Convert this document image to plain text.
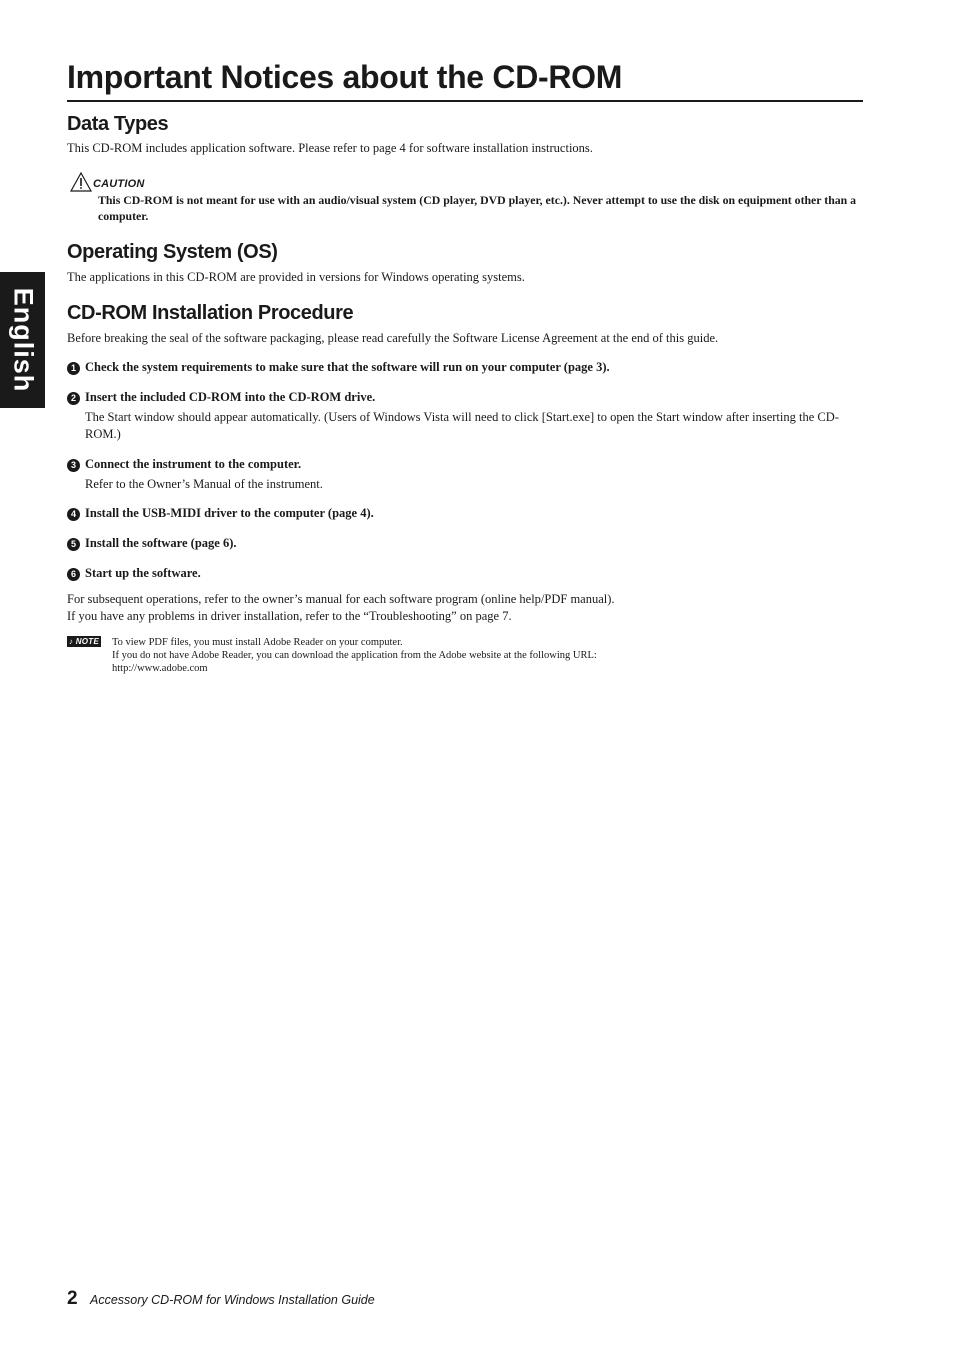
English
Important Notices about the CD-ROM
Data Types

This CD-ROM includes application software. Please refer to page 4 for software installation instructions.

CAUTION

This CD-ROM is not meant for use with an audio/visual system (CD player, DVD player, etc.). Never attempt to use the disk on equipment other than a computer.

Operating System (OS)

The applications in this CD-ROM are provided in versions for Windows operating systems.

CD-ROM Installation Procedure

Before breaking the seal of the software packaging, please read carefully the Software License Agreement at the end of this guide.

1 Check the system requirements to make sure that the software will run on your computer (page 3).

2 Insert the included CD-ROM into the CD-ROM drive.

The Start window should appear automatically. (Users of Windows Vista will need to click [Start.exe] to open the Start window after inserting the CD-ROM.)

3 Connect the instrument to the computer.

Refer to the Owner’s Manual of the instrument.

4 Install the USB-MIDI driver to the computer (page 4).

5 Install the software (page 6).

6 Start up the software.

For subsequent operations, refer to the owner’s manual for each software program (online help/PDF manual).

If you have any problems in driver installation, refer to the “Troubleshooting” on page 7.

♪ NOTE To view PDF files, you must install Adobe Reader on your computer.
If you do not have Adobe Reader, you can download the application from the Adobe website at the following URL:
http://www.adobe.com
2 Accessory CD-ROM for Windows Installation Guide
